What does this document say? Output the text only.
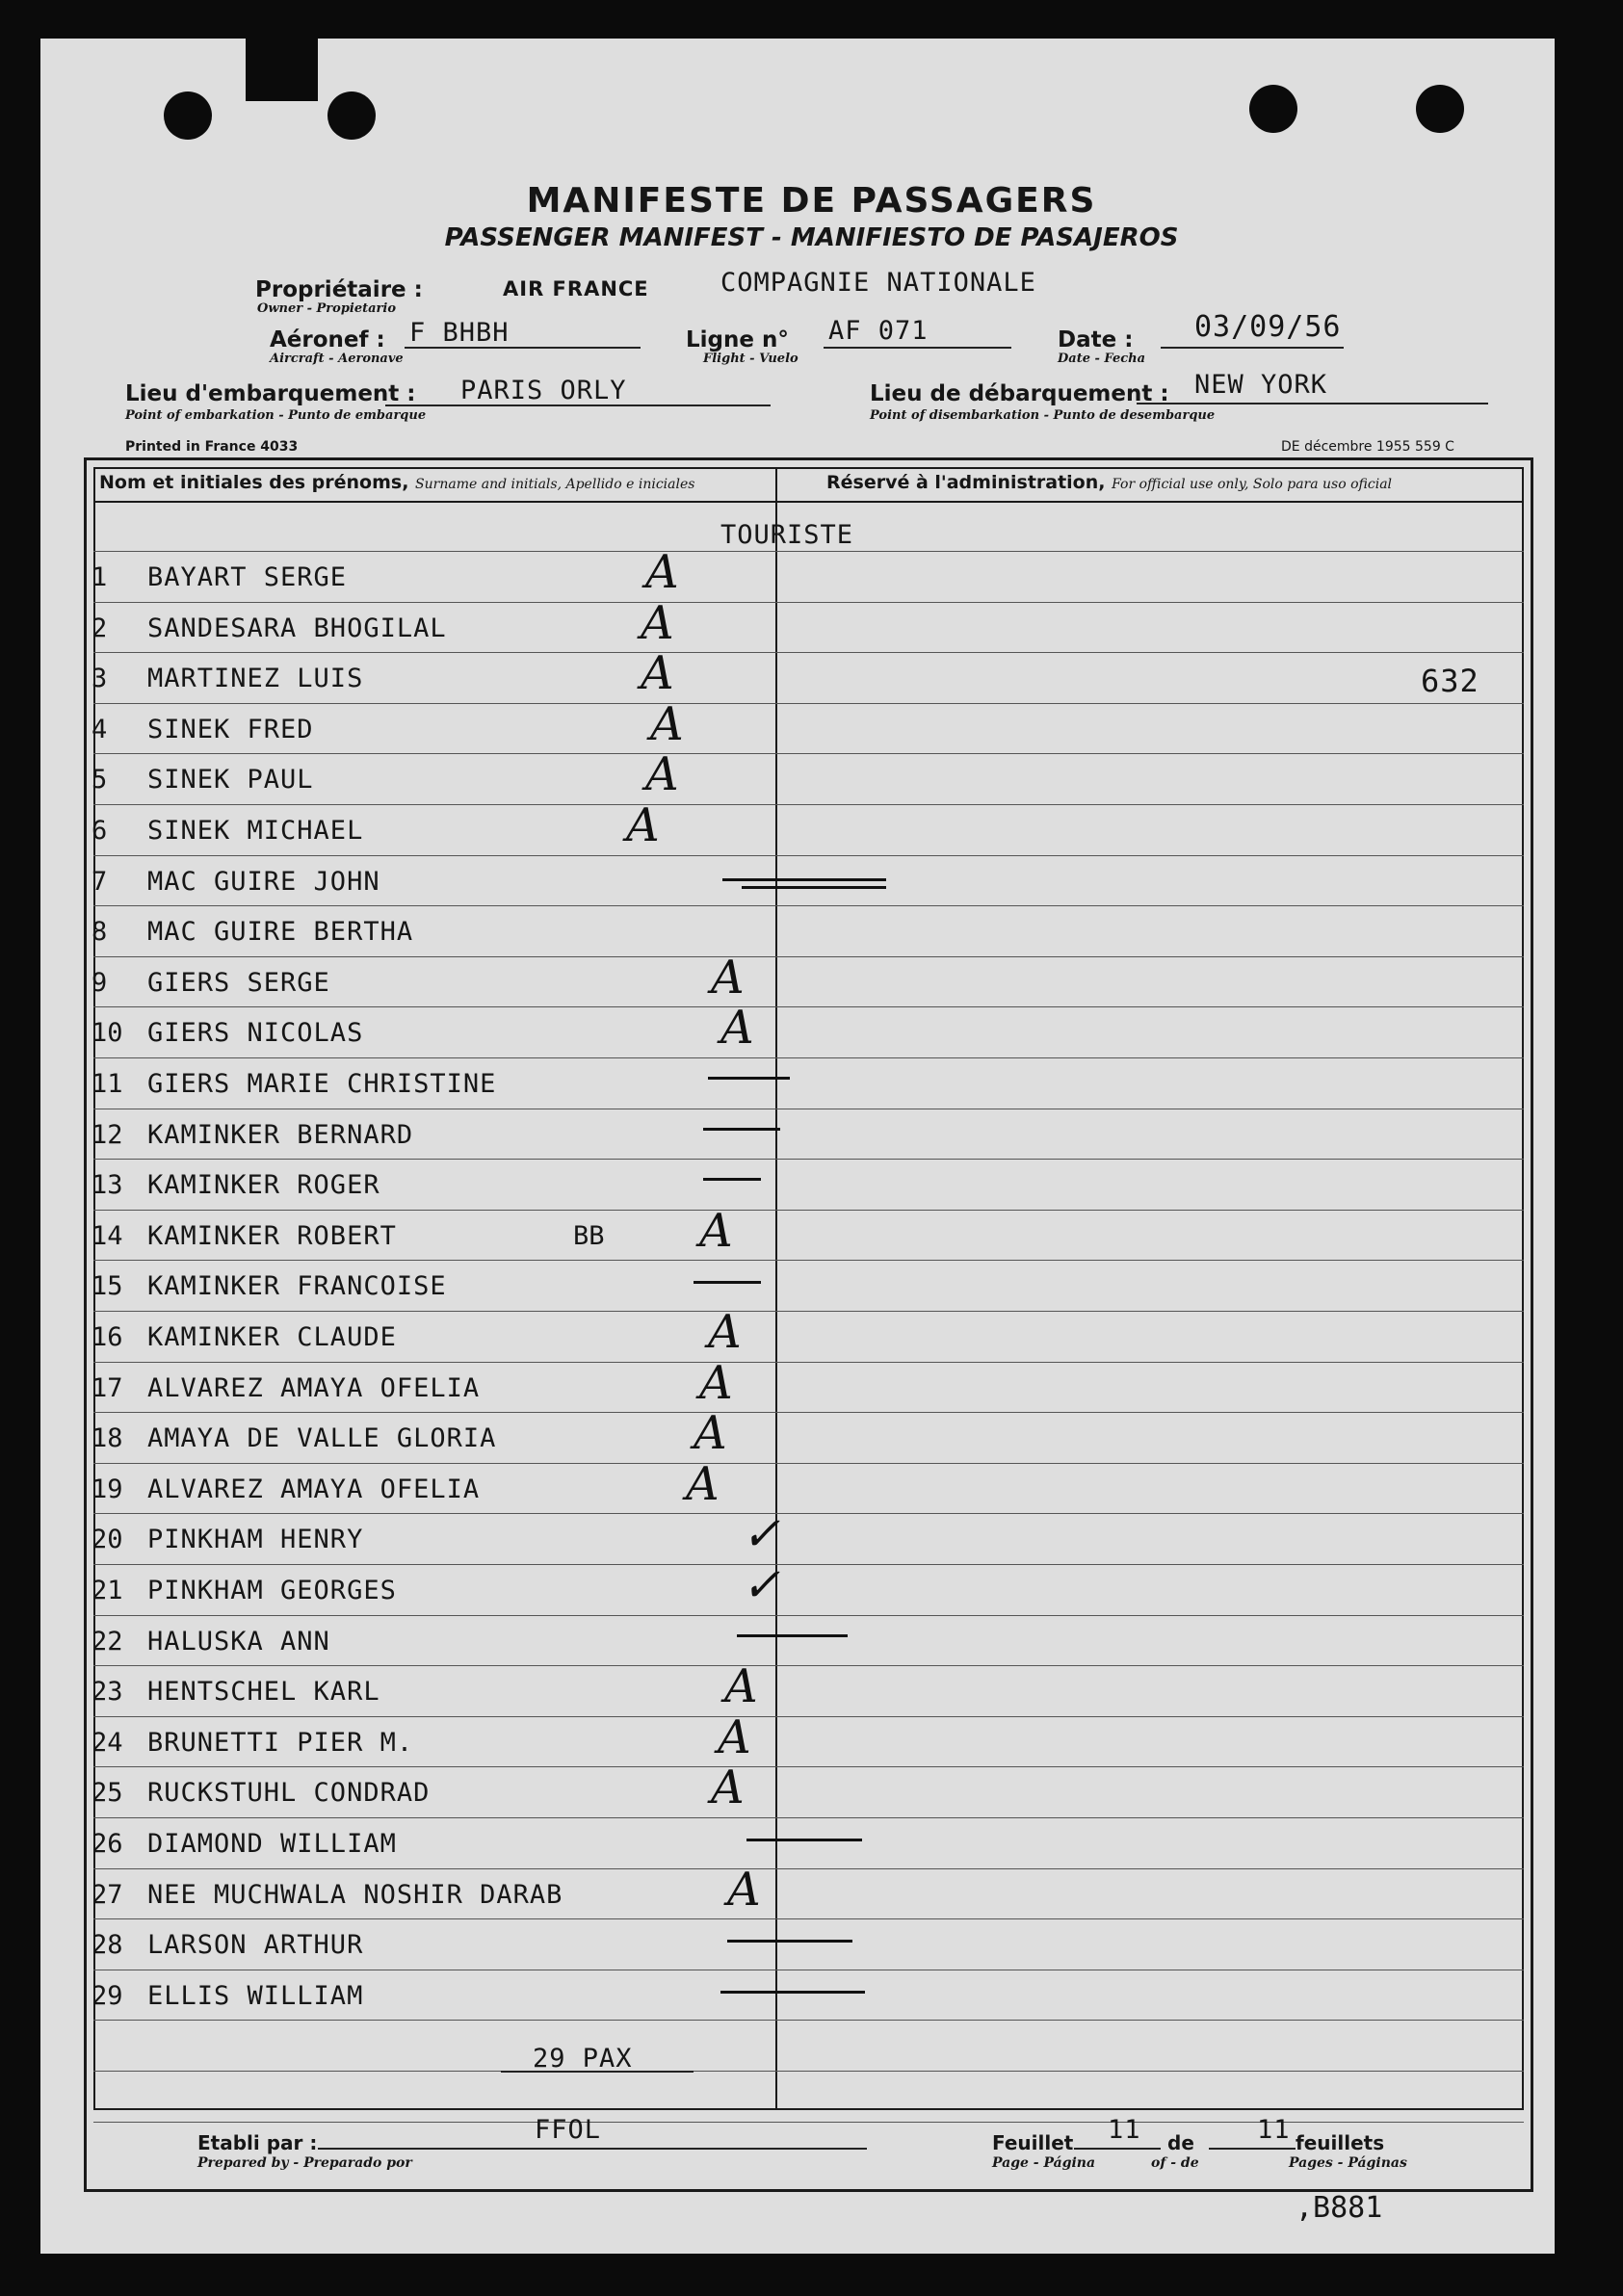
MANIFESTE DE PASSAGERS
PASSENGER MANIFEST - MANIFIESTO DE PASAJEROS
Propriétaire :	AIR FRANCE	COMPAGNIE NATIONALE
Owner - Propietario
Aéronef : F BHBH
Aircraft - Aeronave
Ligne n° AF 071
Flight - Vuelo
Date : 03/09/56
Date - Fecha
Lieu d'embarquement : PARIS ORLY
Point of embarkation - Punto de embarque
Lieu de débarquement : NEW YORK
Point of disembarkation - Punto de desembarque
Printed in France 4033	DE décembre 1955 559 C
Nom et initiales des prénoms, Surname and initials, Apellido e iniciales	Réservé à l'administration, For official use only, Solo para uso oficial
TOURISTE
632
1 BAYART SERGE	A
2 SANDESARA BHOGILAL	A
3 MARTINEZ LUIS	A
4 SINEK FRED	A
5 SINEK PAUL	A
6 SINEK MICHAEL	A
7 MAC GUIRE JOHN
8 MAC GUIRE BERTHA
9 GIERS SERGE	A
10 GIERS NICOLAS	A
11 GIERS MARIE CHRISTINE
12 KAMINKER BERNARD
13 KAMINKER ROGER
14 KAMINKER ROBERT	BB A
15 KAMINKER FRANCOISE
16 KAMINKER CLAUDE	A
17 ALVAREZ AMAYA OFELIA	A
18 AMAYA DE VALLE GLORIA	A
19 ALVAREZ AMAYA OFELIA	A
20 PINKHAM HENRY	✓
21 PINKHAM GEORGES	✓
22 HALUSKA ANN
23 HENTSCHEL KARL	A
24 BRUNETTI PIER M.	A
25 RUCKSTUHL CONDRAD	A
26 DIAMOND WILLIAM
27 NEE MUCHWALA NOSHIR DARAB	A
28 LARSON ARTHUR
29 ELLIS WILLIAM
29 PAX
Etabli par :
Prepared by - Preparado por
FFOL	Feuillet 11 de 11 feuillets
Page - Página	of - de	Pages - Páginas
,B881
